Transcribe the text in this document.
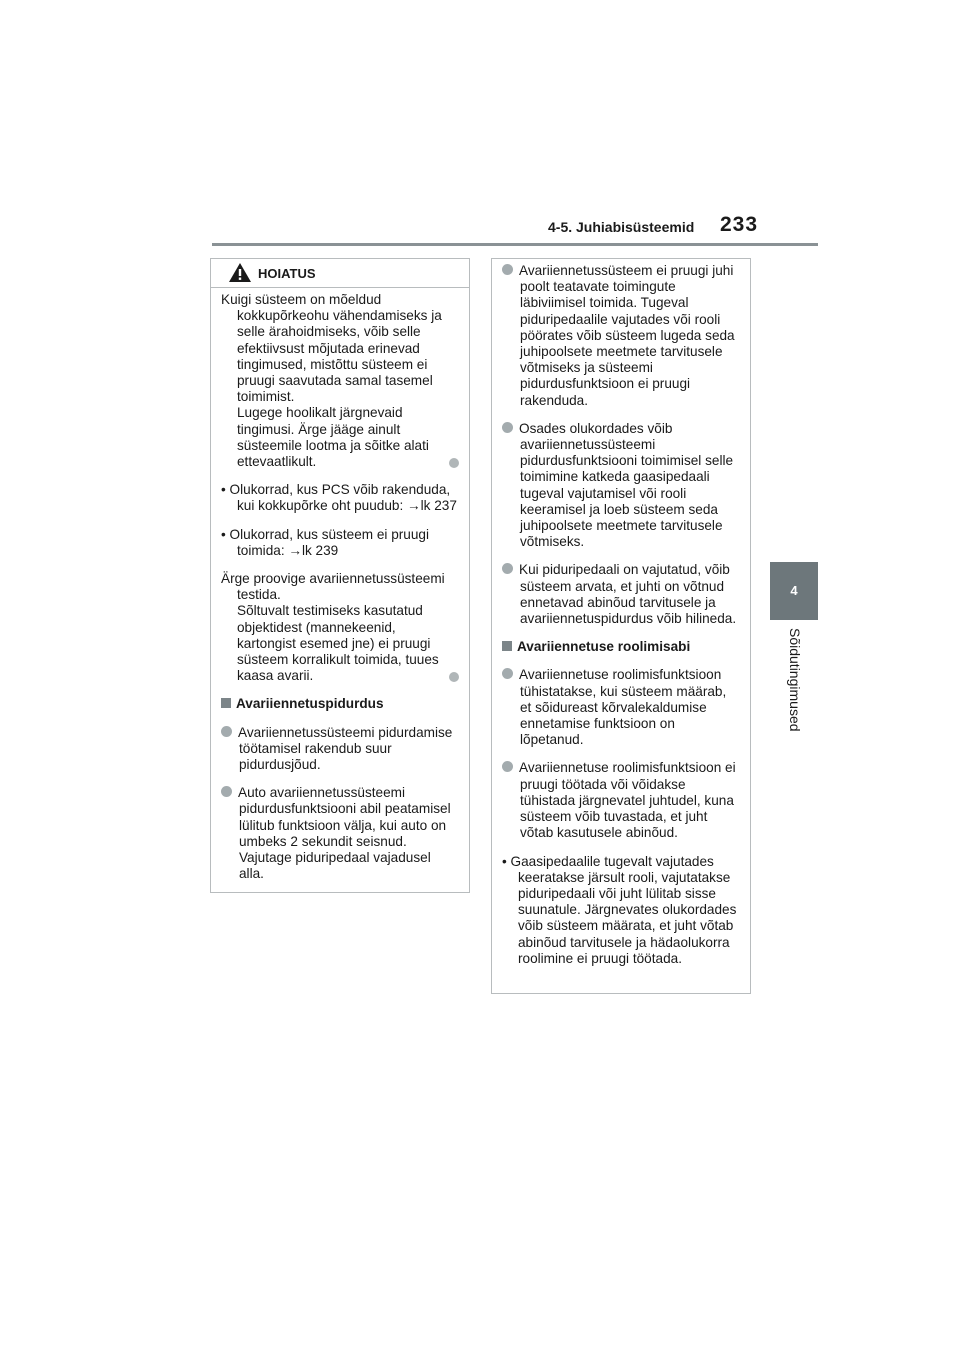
4-5. Juhiabisüsteemid 233
4
Sõidutingimused
HOIATUS

Kuigi süsteem on mõeldud

kokkupõrkeohu vähendamiseks ja selle ärahoidmiseks, võib selle efektiivsust mõjutada erinevad tingimused, mistõttu süsteem ei pruugi saavutada samal tasemel toimimist.
Lugege hoolikalt järgnevaid tingimusi. Ärge jääge ainult süsteemile lootma ja sõitke alati ettevaatlikult.

• Olukorrad, kus PCS võib rakenduda, kui kokkupõrke oht puudub: →lk 237

• Olukorrad, kus süsteem ei pruugi toimida: →lk 239

Ärge proovige avariiennetussüsteemi

testida.
Sõltuvalt testimiseks kasutatud objektidest (mannekeenid, kartongist esemed jne) ei pruugi süsteem korralikult toimida, tuues kaasa avarii.

Avariiennetuspidurdus

Avariiennetussüsteemi pidurdamise töötamisel rakendub suur pidurdusjõud.

Auto avariiennetussüsteemi pidurdusfunktsiooni abil peatamisel lülitub funktsioon välja, kui auto on umbeks 2 sekundit seisnud. Vajutage piduripedaal vajadusel alla.

Avariiennetussüsteem ei pruugi juhi poolt teatavate toimingute läbiviimisel toimida. Tugeval piduripedaalile vajutades või rooli pöörates võib süsteem lugeda seda juhipoolsete meetmete tarvitusele võtmiseks ja süsteemi pidurdusfunktsioon ei pruugi rakenduda.

Osades olukordades võib avariiennetussüsteemi pidurdusfunktsiooni toimimisel selle toimimine katkeda gaasipedaali tugeval vajutamisel või rooli keeramisel ja loeb süsteem seda juhipoolsete meetmete tarvitusele võtmiseks.

Kui piduripedaali on vajutatud, võib süsteem arvata, et juhti on võtnud ennetavad abinõud tarvitusele ja avariiennetuspidurdus võib hilineda.

Avariiennetuse roolimisabi

Avariiennetuse roolimisfunktsioon tühistatakse, kui süsteem määrab, et sõidureast kõrvalekaldumise ennetamise funktsioon on lõpetanud.

Avariiennetuse roolimisfunktsioon ei pruugi töötada või võidakse tühistada järgnevatel juhtudel, kuna süsteem võib tuvastada, et juht võtab kasutusele abinõud.

• Gaasipedaalile tugevalt vajutades keeratakse järsult rooli, vajutatakse piduripedaali või juht lülitab sisse suunatule. Järgnevates olukordades võib süsteem määrata, et juht võtab abinõud tarvitusele ja hädaolukorra roolimine ei pruugi töötada.
